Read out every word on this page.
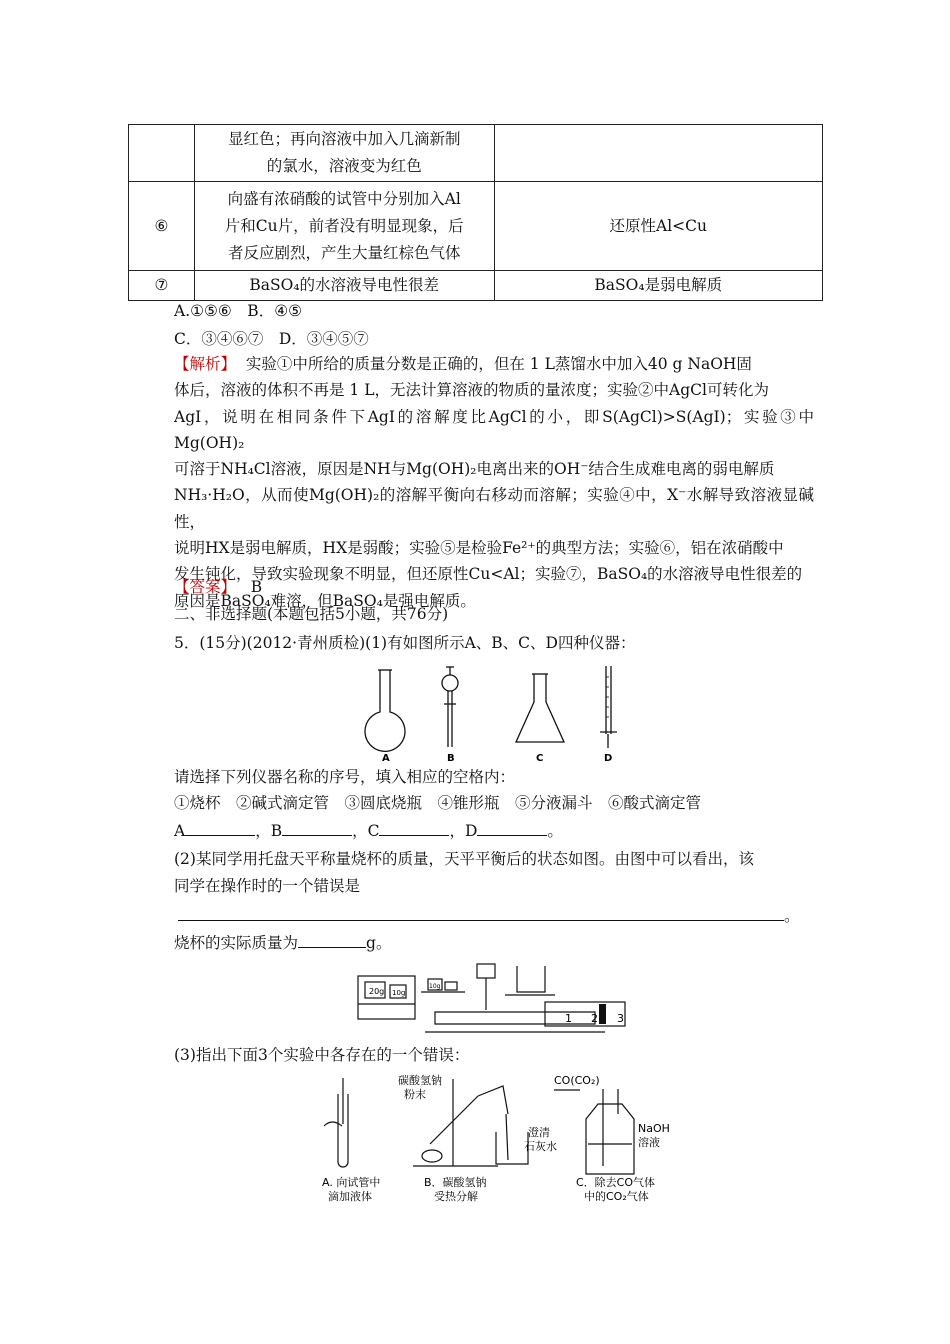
	显红色；再向溶液中加入几滴新制的氯水，溶液变为红色	
⑥	向盛有浓硝酸的试管中分别加入Al片和Cu片，前者没有明显现象，后者反应剧烈，产生大量红棕色气体	还原性Al<Cu
⑦	BaSO₄的水溶液导电性很差	BaSO₄是弱电解质
A.①⑤⑥　B．④⑤
C．③④⑥⑦　D．③④⑤⑦
【解析】 实验①中所给的质量分数是正确的，但在 1 L蒸馏水中加入40 g NaOH固
体后，溶液的体积不再是 1 L，无法计算溶液的物质的量浓度；实验②中AgCl可转化为
AgI，说明在相同条件下AgI的溶解度比AgCl的小，即S(AgCl)>S(AgI)；实验③中Mg(OH)₂
可溶于NH₄Cl溶液，原因是NH与Mg(OH)₂电离出来的OH⁻结合生成难电离的弱电解质
NH₃·H₂O，从而使Mg(OH)₂的溶解平衡向右移动而溶解；实验④中，X⁻水解导致溶液显碱性，
说明HX是弱电解质，HX是弱酸；实验⑤是检验Fe²⁺的典型方法；实验⑥，铝在浓硝酸中
发生钝化，导致实验现象不明显，但还原性Cu<Al；实验⑦，BaSO₄的水溶液导电性很差的
原因是BaSO₄难溶，但BaSO₄是强电解质。
【答案】 B
二、非选择题(本题包括5小题，共76分)
5．(15分)(2012·青州质检)(1)有如图所示A、B、C、D四种仪器：
A	B	C	D
请选择下列仪器名称的序号，填入相应的空格内：
①烧杯　②碱式滴定管　③圆底烧瓶　④锥形瓶　⑤分液漏斗　⑥酸式滴定管
A	，B	，C	，D	。
(2)某同学用托盘天平称量烧杯的质量，天平平衡后的状态如图。由图中可以看出，该
同学在操作时的一个错误是
。
烧杯的实际质量为	g。
20g 10g
10g
1 2 3
(3)指出下面3个实验中各存在的一个错误：
碳酸氢钠
粉末
澄清
石灰水
CO(CO₂)
NaOH
溶液
A. 向试管中
滴加液体
B．碳酸氢钠
受热分解
C．除去CO气体
中的CO₂气体
